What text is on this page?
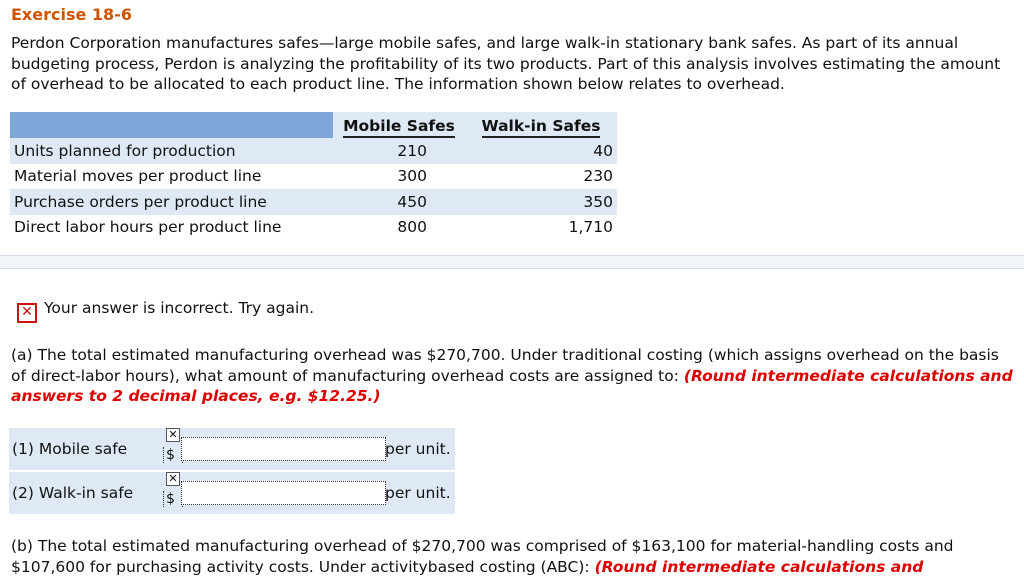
Exercise 18-6

Perdon Corporation manufactures safes—large mobile safes, and large walk-in stationary bank safes. As part of its annual budgeting process, Perdon is analyzing the profitability of its two products. Part of this analysis involves estimating the amount of overhead to be allocated to each product line. The information shown below relates to overhead.

	Mobile Safes	Walk-in Safes
Units planned for production	210	40
Material moves per product line	300	230
Purchase orders per product line	450	350
Direct labor hours per product line	800	1,710
✕ Your answer is incorrect. Try again.

(a) The total estimated manufacturing overhead was $270,700. Under traditional costing (which assigns overhead on the basis of direct-labor hours), what amount of manufacturing overhead costs are assigned to: (Round intermediate calculations and answers to 2 decimal places, e.g. $12.25.)

(1) Mobile safe
✕
$	per unit.
(2) Walk-in safe
✕
$	per unit.

(b) The total estimated manufacturing overhead of $270,700 was comprised of $163,100 for material-handling costs and $107,600 for purchasing activity costs. Under activitybased costing (ABC): (Round intermediate calculations and
